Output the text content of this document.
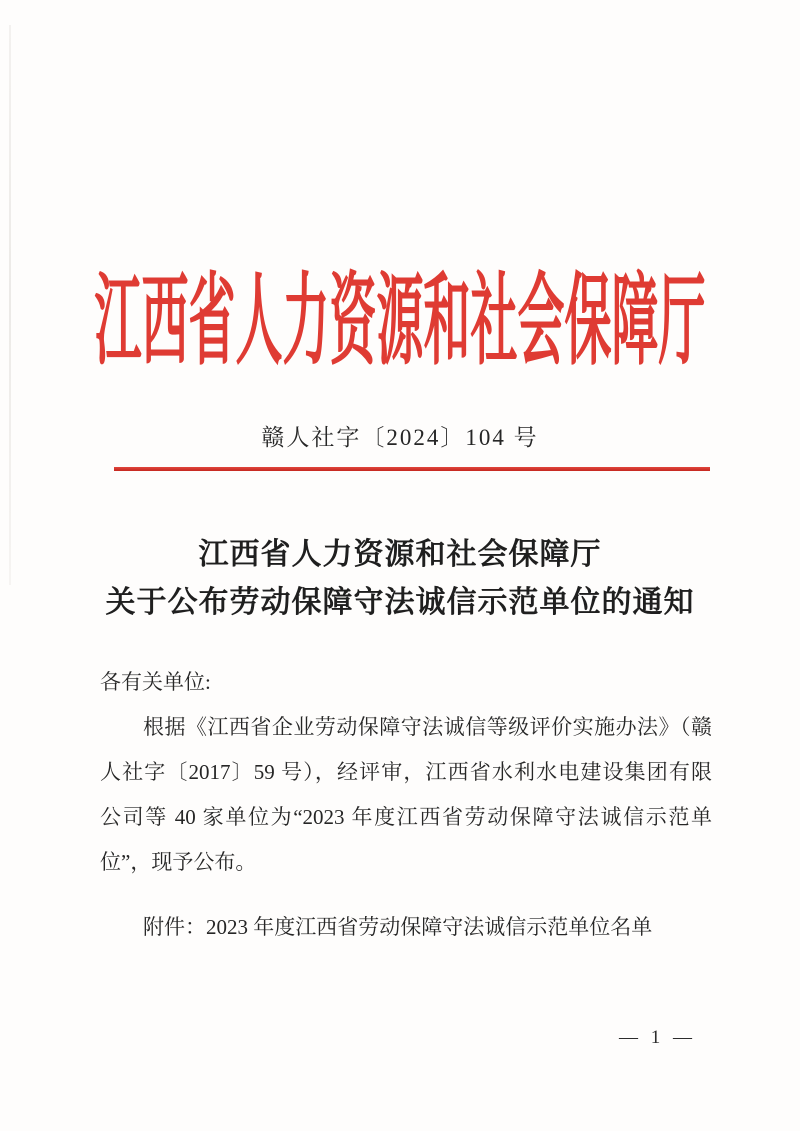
江西省人力资源和社会保障厅
赣人社字〔2024〕104 号
江西省人力资源和社会保障厅
关于公布劳动保障守法诚信示范单位的通知
各有关单位:
根据《江西省企业劳动保障守法诚信等级评价实施办法》（赣
人社字〔2017〕59 号），经评审，江西省水利水电建设集团有限
公司等 40 家单位为“2023 年度江西省劳动保障守法诚信示范单
位”，现予公布。
附件：2023 年度江西省劳动保障守法诚信示范单位名单
— 1 —
